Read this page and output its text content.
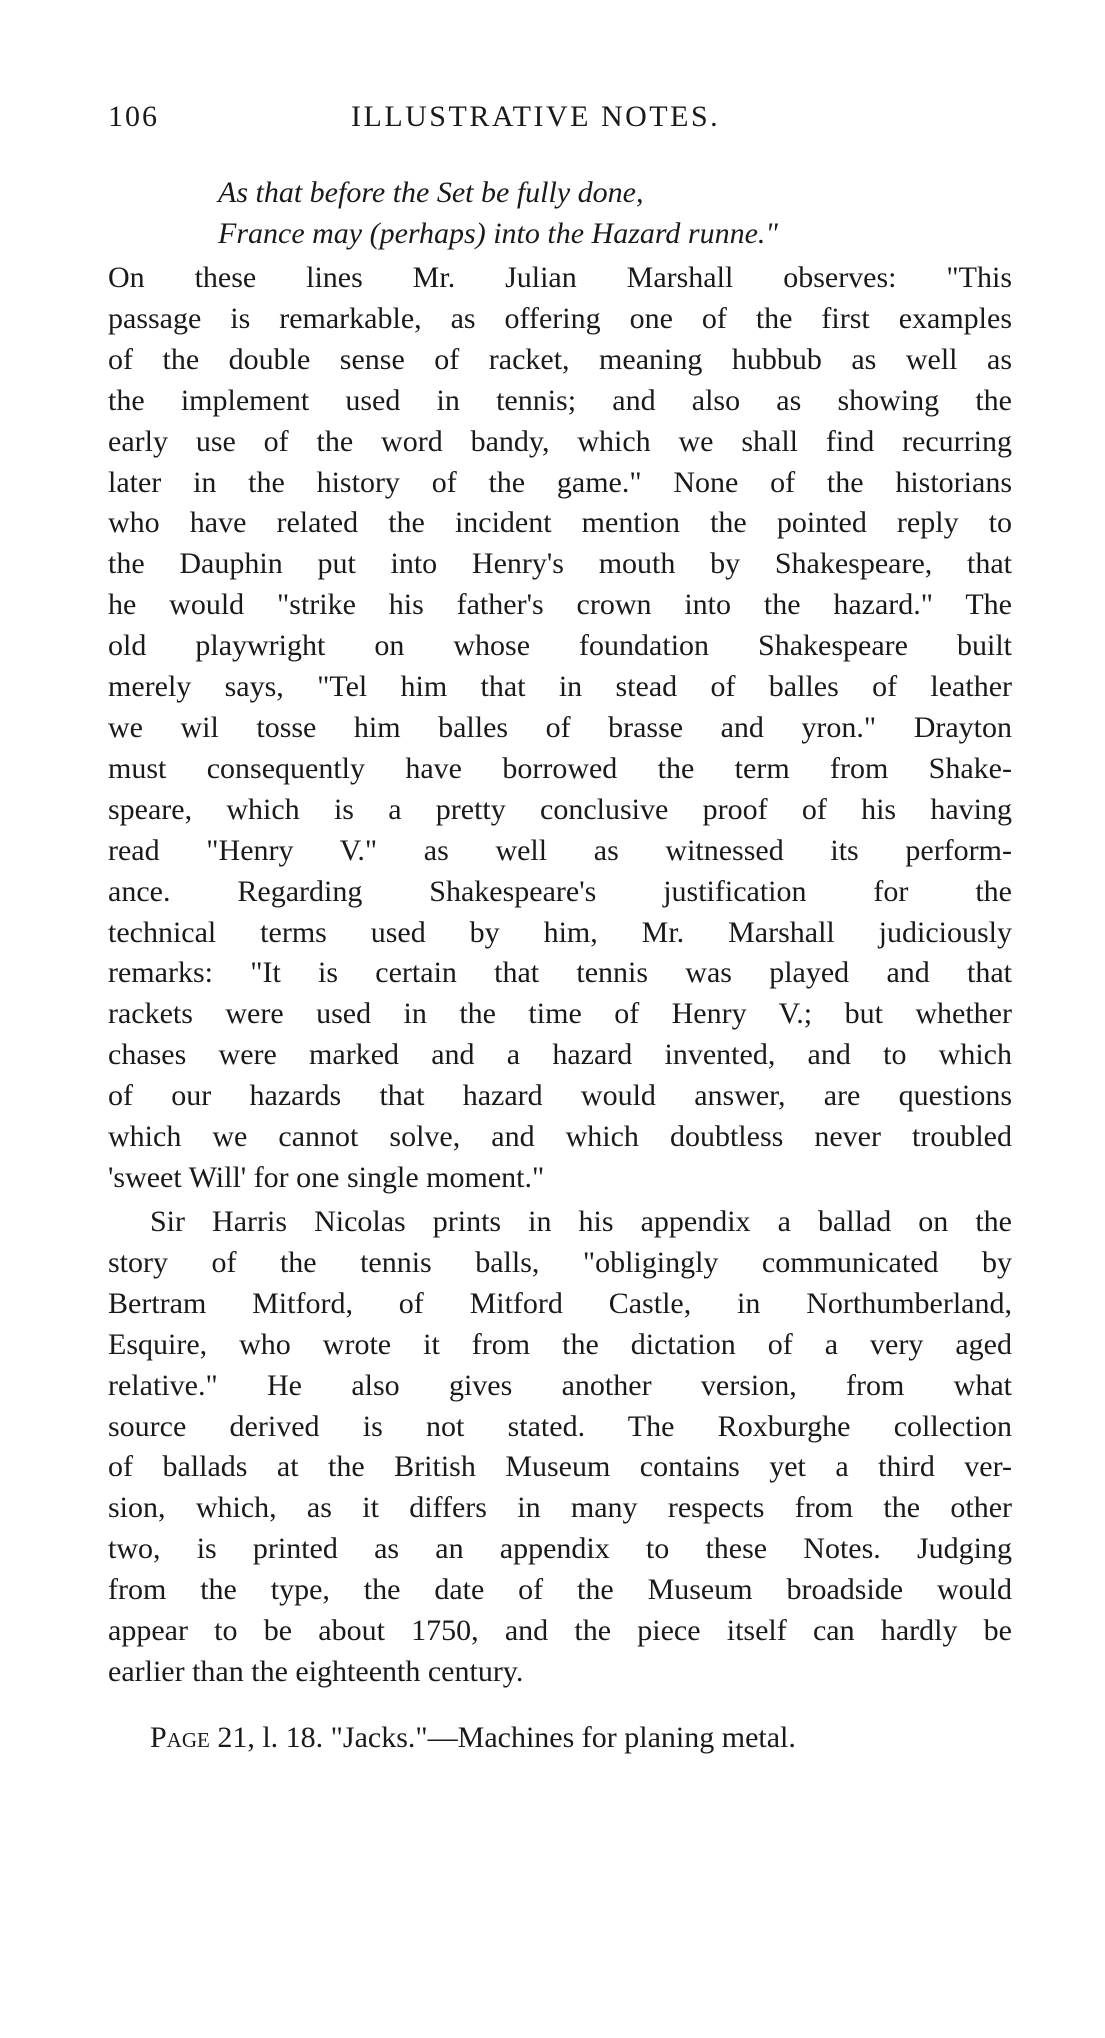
106	ILLUSTRATIVE NOTES.
As that before the Set be fully done,
France may (perhaps) into the Hazard runne."
On these lines Mr. Julian Marshall observes: "This
passage is remarkable, as offering one of the first examples
of the double sense of racket, meaning hubbub as well as
the implement used in tennis; and also as showing the
early use of the word bandy, which we shall find recurring
later in the history of the game." None of the historians
who have related the incident mention the pointed reply to
the Dauphin put into Henry's mouth by Shakespeare, that
he would "strike his father's crown into the hazard." The
old playwright on whose foundation Shakespeare built
merely says, "Tel him that in stead of balles of leather
we wil tosse him balles of brasse and yron." Drayton
must consequently have borrowed the term from Shake-
speare, which is a pretty conclusive proof of his having
read "Henry V." as well as witnessed its perform-
ance. Regarding Shakespeare's justification for the
technical terms used by him, Mr. Marshall judiciously
remarks: "It is certain that tennis was played and that
rackets were used in the time of Henry V.; but whether
chases were marked and a hazard invented, and to which
of our hazards that hazard would answer, are questions
which we cannot solve, and which doubtless never troubled
'sweet Will' for one single moment."
Sir Harris Nicolas prints in his appendix a ballad on the
story of the tennis balls, "obligingly communicated by
Bertram Mitford, of Mitford Castle, in Northumberland,
Esquire, who wrote it from the dictation of a very aged
relative." He also gives another version, from what
source derived is not stated. The Roxburghe collection
of ballads at the British Museum contains yet a third ver-
sion, which, as it differs in many respects from the other
two, is printed as an appendix to these Notes. Judging
from the type, the date of the Museum broadside would
appear to be about 1750, and the piece itself can hardly be
earlier than the eighteenth century.
Page 21, l. 18. "Jacks."—Machines for planing metal.
